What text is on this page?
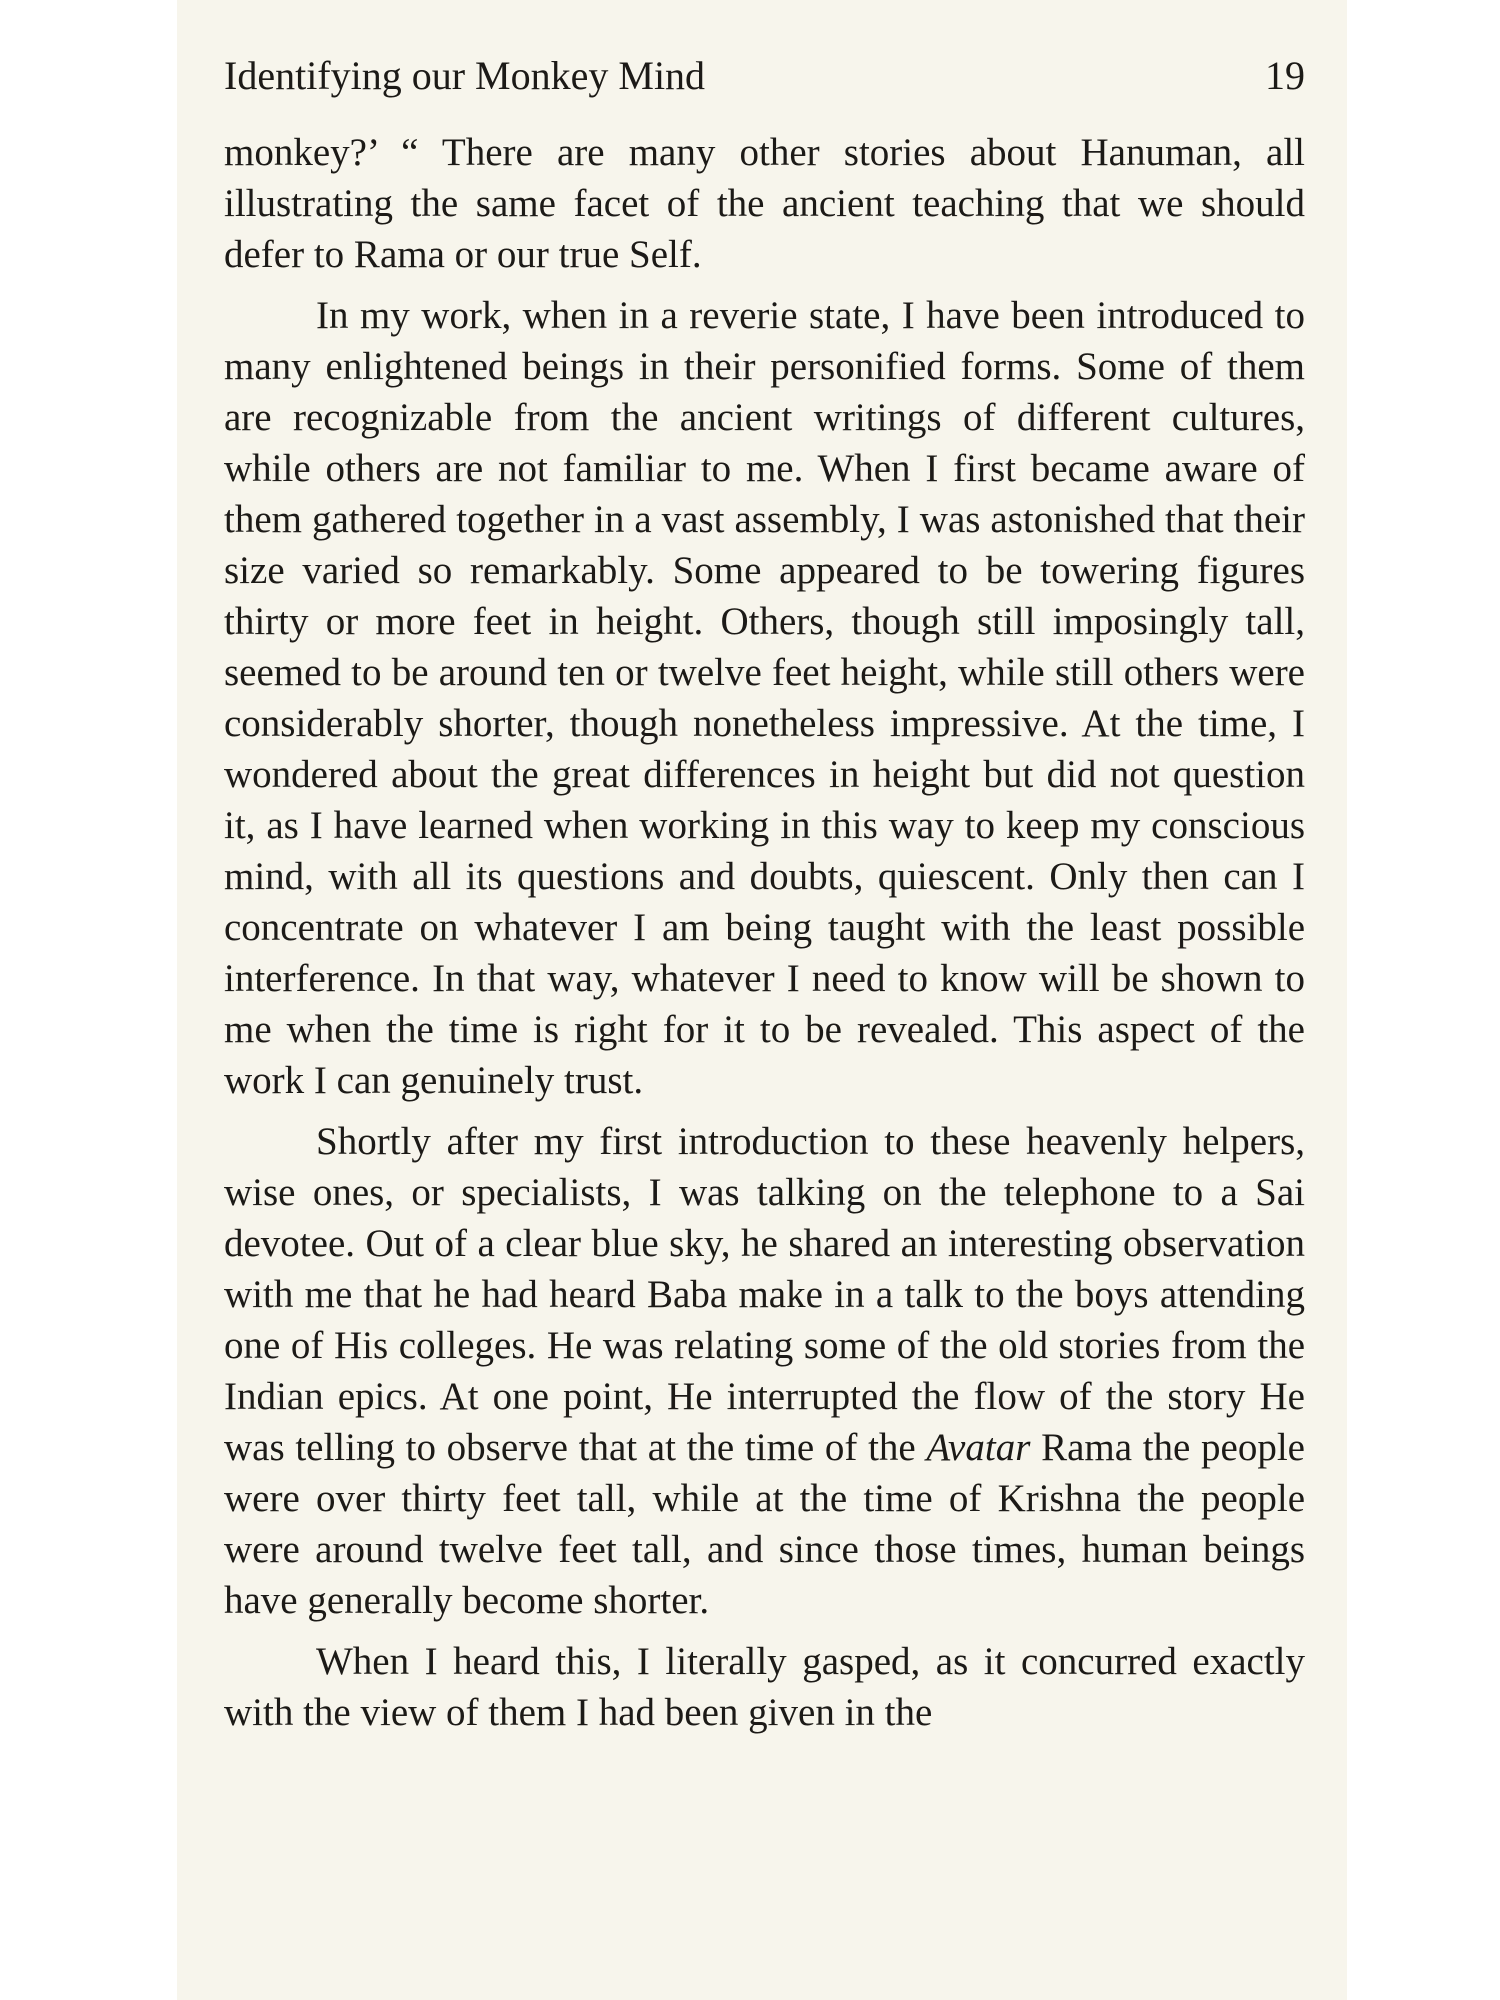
Identifying our Monkey Mind	19

monkey?’ “ There are many other stories about Hanuman, all illustrating the same facet of the ancient teaching that we should defer to Rama or our true Self.

In my work, when in a reverie state, I have been introduced to many enlightened beings in their personified forms. Some of them are recognizable from the ancient writings of different cultures, while others are not familiar to me. When I first became aware of them gathered together in a vast assembly, I was astonished that their size varied so remarkably. Some appeared to be towering figures thirty or more feet in height. Others, though still imposingly tall, seemed to be around ten or twelve feet height, while still others were considerably shorter, though nonetheless impressive. At the time, I wondered about the great differences in height but did not question it, as I have learned when working in this way to keep my conscious mind, with all its questions and doubts, quiescent. Only then can I concentrate on whatever I am being taught with the least possible interference. In that way, whatever I need to know will be shown to me when the time is right for it to be revealed. This aspect of the work I can genuinely trust.

Shortly after my first introduction to these heavenly helpers, wise ones, or specialists, I was talking on the telephone to a Sai devotee. Out of a clear blue sky, he shared an interesting observation with me that he had heard Baba make in a talk to the boys attending one of His colleges. He was relating some of the old stories from the Indian epics. At one point, He interrupted the flow of the story He was telling to observe that at the time of the Avatar Rama the people were over thirty feet tall, while at the time of Krishna the people were around twelve feet tall, and since those times, human beings have generally become shorter.

When I heard this, I literally gasped, as it concurred exactly with the view of them I had been given in the
